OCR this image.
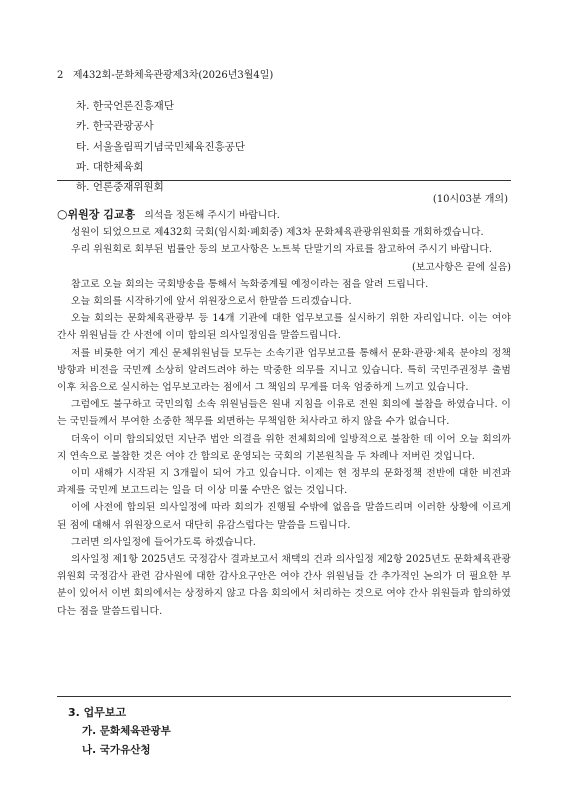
2 제432회-문화체육관광제3차(2026년3월4일)
차. 한국언론진흥재단
카. 한국관광공사
타. 서울올림픽기념국민체육진흥공단
파. 대한체육회
하. 언론중재위원회
(10시03분 개의)

○위원장 김교흥 의석을 정돈해 주시기 바랍니다.

성원이 되었으므로 제432회 국회(임시회·폐회중) 제3차 문화체육관광위원회를 개회하겠습니다.

우리 위원회로 회부된 법률안 등의 보고사항은 노트북 단말기의 자료를 참고하여 주시기 바랍니다.

(보고사항은 끝에 실음)

참고로 오늘 회의는 국회방송을 통해서 녹화중계될 예정이라는 점을 알려 드립니다.

오늘 회의를 시작하기에 앞서 위원장으로서 한말씀 드리겠습니다.

오늘 회의는 문화체육관광부 등 14개 기관에 대한 업무보고를 실시하기 위한 자리입니다. 이는 여야 간사 위원님들 간 사전에 이미 합의된 의사일정임을 말씀드립니다.

저를 비롯한 여기 계신 문체위원님들 모두는 소속기관 업무보고를 통해서 문화·관광·체육 분야의 정책 방향과 비전을 국민께 소상히 알려드려야 하는 막중한 의무를 지니고 있습니다. 특히 국민주권정부 출범 이후 처음으로 실시하는 업무보고라는 점에서 그 책임의 무게를 더욱 엄중하게 느끼고 있습니다.

그럼에도 불구하고 국민의힘 소속 위원님들은 원내 지침을 이유로 전원 회의에 불참을 하였습니다. 이는 국민들께서 부여한 소중한 책무를 외면하는 무책임한 처사라고 하지 않을 수가 없습니다.

더욱이 이미 합의되었던 지난주 법안 의결을 위한 전체회의에 일방적으로 불참한 데 이어 오늘 회의까지 연속으로 불참한 것은 여야 간 합의로 운영되는 국회의 기본원칙을 두 차례나 저버린 것입니다.

이미 새해가 시작된 지 3개월이 되어 가고 있습니다. 이제는 현 정부의 문화정책 전반에 대한 비전과 과제를 국민께 보고드리는 일을 더 이상 미룰 수만은 없는 것입니다.

이에 사전에 합의된 의사일정에 따라 회의가 진행될 수밖에 없음을 말씀드리며 이러한 상황에 이르게 된 점에 대해서 위원장으로서 대단히 유감스럽다는 말씀을 드립니다.

그러면 의사일정에 들어가도록 하겠습니다.

의사일정 제1항 2025년도 국정감사 결과보고서 채택의 건과 의사일정 제2항 2025년도 문화체육관광위원회 국정감사 관련 감사원에 대한 감사요구안은 여야 간사 위원님들 간 추가적인 논의가 더 필요한 부분이 있어서 이번 회의에서는 상정하지 않고 다음 회의에서 처리하는 것으로 여야 간사 위원들과 합의하였다는 점을 말씀드립니다.

3. 업무보고
가. 문화체육관광부
나. 국가유산청
